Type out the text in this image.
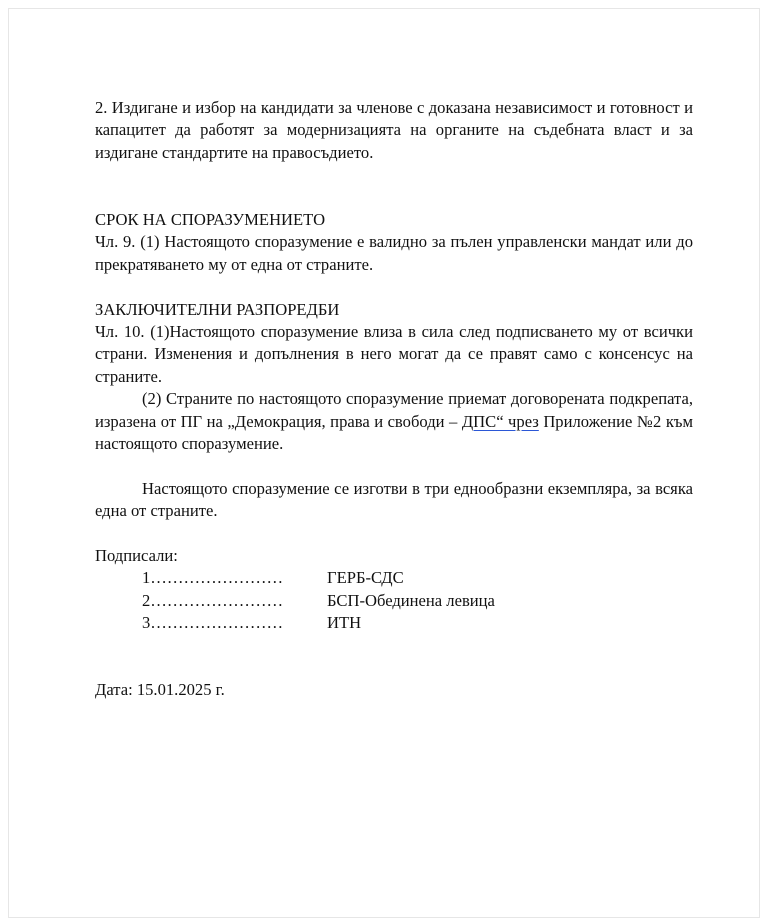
2. Издигане и избор на кандидати за членове с доказана независимост и готовност и капацитет да работят за модернизацията на органите на съдебната власт и за издигане стандартите на правосъдието.

СРОК НА СПОРАЗУМЕНИЕТО

Чл. 9. (1) Настоящото споразумение е валидно за пълен управленски мандат или до прекратяването му от една от страните.

ЗАКЛЮЧИТЕЛНИ РАЗПОРЕДБИ

Чл. 10. (1)Настоящото споразумение влиза в сила след подписването му от всички страни. Изменения и допълнения в него могат да се правят само с консенсус на страните.

(2) Страните по настоящото споразумение приемат договорената подкрепата, изразена от ПГ на „Демокрация, права и свободи – ДПС“ чрез Приложение №2 към настоящото споразумение.

Настоящото споразумение се изготви в три еднообразни екземпляра, за всяка една от страните.

Подписали:

1……………………	ГЕРБ-СДС
2……………………	БСП-Обединена левица
3……………………	ИТН

Дата: 15.01.2025 г.
